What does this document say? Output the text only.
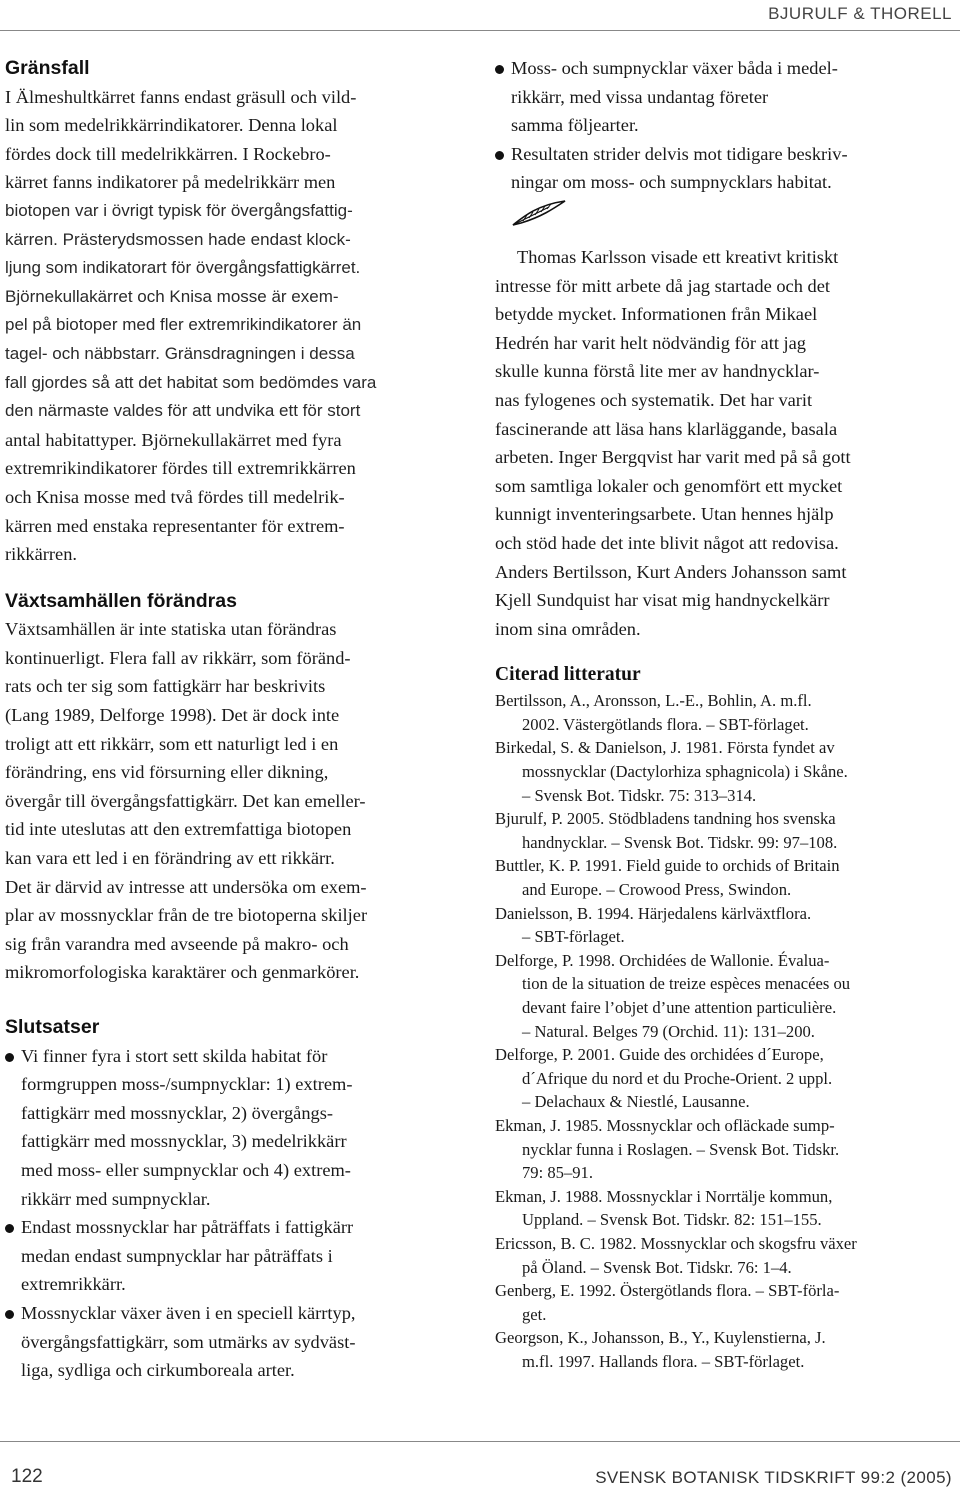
BJURULF & THORELL
Gränsfall
I Älmeshultkärret fanns endast gräsull och vild-
lin som medelrikkärrindikatorer. Denna lokal
fördes dock till medelrikkärren. I Rockebro-
kärret fanns indikatorer på medelrikkärr men
biotopen var i övrigt typisk för övergångsfattig-
kärren. Prästerydsmossen hade endast klock-
ljung som indikatorart för övergångsfattigkärret.
Björnekullakärret och Knisa mosse är exem-
pel på biotoper med fler extremrikindikatorer än
tagel- och näbbstarr. Gränsdragningen i dessa
fall gjordes så att det habitat som bedömdes vara
den närmaste valdes för att undvika ett för stort
antal habitattyper. Björnekullakärret med fyra
extremrikindikatorer fördes till extremrikkärren
och Knisa mosse med två fördes till medelrik-
kärren med enstaka representanter för extrem-
rikkärren.
Växtsamhällen förändras
Växtsamhällen är inte statiska utan förändras
kontinuerligt. Flera fall av rikkärr, som föränd-
rats och ter sig som fattigkärr har beskrivits
(Lang 1989, Delforge 1998). Det är dock inte
troligt att ett rikkärr, som ett naturligt led i en
förändring, ens vid försurning eller dikning,
övergår till övergångsfattigkärr. Det kan emeller-
tid inte uteslutas att den extremfattiga biotopen
kan vara ett led i en förändring av ett rikkärr.
Det är därvid av intresse att undersöka om exem-
plar av mossnycklar från de tre biotoperna skiljer
sig från varandra med avseende på makro- och
mikromorfologiska karaktärer och genmarkörer.
Slutsatser
Vi finner fyra i stort sett skilda habitat för
formgruppen moss-/sumpnycklar: 1) extrem-
fattigkärr med mossnycklar, 2) övergångs-
fattigkärr med mossnycklar, 3) medelrikkärr
med moss- eller sumpnycklar och 4) extrem-
rikkärr med sumpnycklar.
Endast mossnycklar har påträffats i fattigkärr
medan endast sumpnycklar har påträffats i
extremrikkärr.
Mossnycklar växer även i en speciell kärrtyp,
övergångsfattigkärr, som utmärks av sydväst-
liga, sydliga och cirkumboreala arter.
Moss- och sumpnycklar växer båda i medel-
rikkärr, med vissa undantag företer
samma följearter.
Resultaten strider delvis mot tidigare beskriv-
ningar om moss- och sumpnycklars habitat.
Thomas Karlsson visade ett kreativt kritiskt
intresse för mitt arbete då jag startade och det
betydde mycket. Informationen från Mikael
Hedrén har varit helt nödvändig för att jag
skulle kunna förstå lite mer av handnycklar-
nas fylogenes och systematik. Det har varit
fascinerande att läsa hans klarläggande, basala
arbeten. Inger Bergqvist har varit med på så gott
som samtliga lokaler och genomfört ett mycket
kunnigt inventeringsarbete. Utan hennes hjälp
och stöd hade det inte blivit något att redovisa.
Anders Bertilsson, Kurt Anders Johansson samt
Kjell Sundquist har visat mig handnyckelkärr
inom sina områden.
Citerad litteratur
Bertilsson, A., Aronsson, L.-E., Bohlin, A. m.fl.
2002. Västergötlands flora. – SBT-förlaget.
Birkedal, S. & Danielson, J. 1981. Första fyndet av
mossnycklar (Dactylorhiza sphagnicola) i Skåne.
– Svensk Bot. Tidskr. 75: 313–314.
Bjurulf, P. 2005. Stödbladens tandning hos svenska
handnycklar. – Svensk Bot. Tidskr. 99: 97–108.
Buttler, K. P. 1991. Field guide to orchids of Britain
and Europe. – Crowood Press, Swindon.
Danielsson, B. 1994. Härjedalens kärlväxtflora.
– SBT-förlaget.
Delforge, P. 1998. Orchidées de Wallonie. Évalua-
tion de la situation de treize espèces menacées ou
devant faire l’objet d’une attention particulière.
– Natural. Belges 79 (Orchid. 11): 131–200.
Delforge, P. 2001. Guide des orchidées d´Europe,
d´Afrique du nord et du Proche-Orient. 2 uppl.
– Delachaux & Niestlé, Lausanne.
Ekman, J. 1985. Mossnycklar och ofläckade sump-
nycklar funna i Roslagen. – Svensk Bot. Tidskr.
79: 85–91.
Ekman, J. 1988. Mossnycklar i Norrtälje kommun,
Uppland. – Svensk Bot. Tidskr. 82: 151–155.
Ericsson, B. C. 1982. Mossnycklar och skogsfru växer
på Öland. – Svensk Bot. Tidskr. 76: 1–4.
Genberg, E. 1992. Östergötlands flora. – SBT-förla-
get.
Georgson, K., Johansson, B., Y., Kuylenstierna, J.
m.fl. 1997. Hallands flora. – SBT-förlaget.
122	SVENSK BOTANISK TIDSKRIFT 99:2 (2005)
